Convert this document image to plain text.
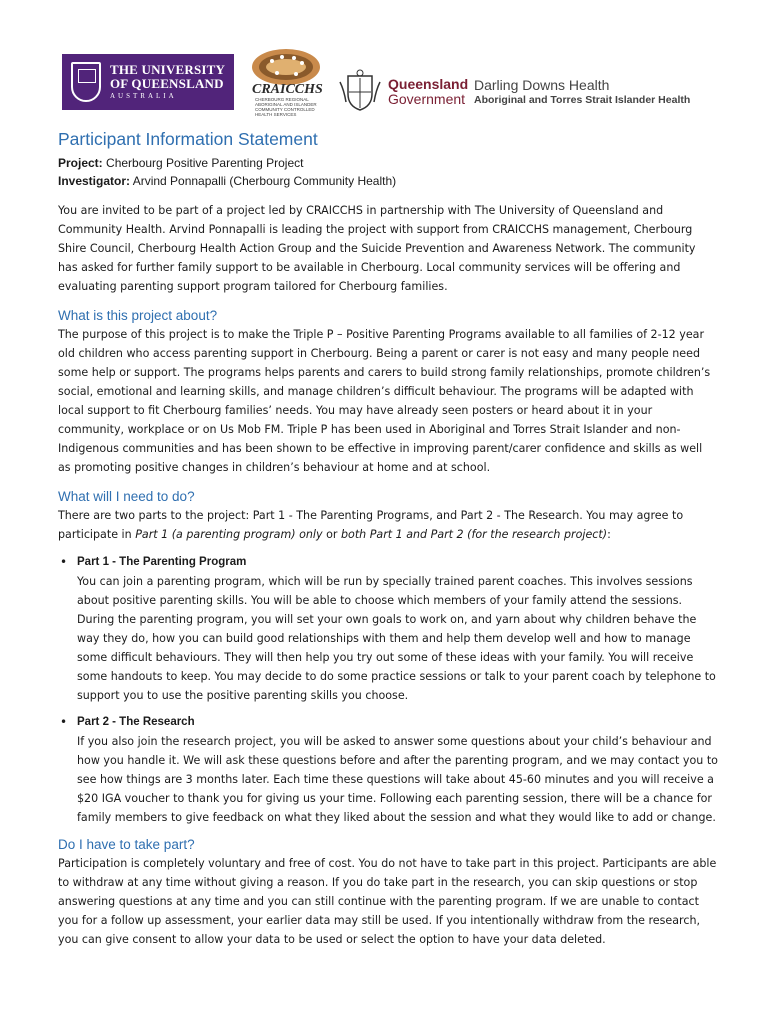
THE UNIVERSITY
OF QUEENSLAND
AUSTRALIA	CRAICCHS
CHERBOURG REGIONAL ABORIGINAL AND ISLANDER COMMUNITY CONTROLLED HEALTH SERVICES
Queensland
Government
Darling Downs Health
Aboriginal and Torres Strait Islander Health
Participant Information Statement

Project: Cherbourg Positive Parenting Project

Investigator: Arvind Ponnapalli (Cherbourg Community Health)

You are invited to be part of a project led by CRAICCHS in partnership with The University of Queensland and Community Health. Arvind Ponnapalli is leading the project with support from CRAICCHS management, Cherbourg Shire Council, Cherbourg Health Action Group and the Suicide Prevention and Awareness Network. The community has asked for further family support to be available in Cherbourg. Local community services will be offering and evaluating parenting support program tailored for Cherbourg families.

What is this project about?

The purpose of this project is to make the Triple P – Positive Parenting Programs available to all families of 2-12 year old children who access parenting support in Cherbourg. Being a parent or carer is not easy and many people need some help or support. The programs helps parents and carers to build strong family relationships, promote children’s social, emotional and learning skills, and manage children’s difficult behaviour. The programs will be adapted with local support to fit Cherbourg families’ needs. You may have already seen posters or heard about it in your community, workplace or on Us Mob FM. Triple P has been used in Aboriginal and Torres Strait Islander and non-Indigenous communities and has been shown to be effective in improving parent/carer confidence and skills as well as promoting positive changes in children’s behaviour at home and at school.

What will I need to do?

There are two parts to the project: Part 1 - The Parenting Programs, and Part 2 - The Research. You may agree to participate in Part 1 (a parenting program) only or both Part 1 and Part 2 (for the research project):

• Part 1 - The Parenting Program
You can join a parenting program, which will be run by specially trained parent coaches. This involves sessions about positive parenting skills. You will be able to choose which members of your family attend the sessions. During the parenting program, you will set your own goals to work on, and yarn about why children behave the way they do, how you can build good relationships with them and help them develop well and how to manage some difficult behaviours. They will then help you try out some of these ideas with your family. You will receive some handouts to keep. You may decide to do some practice sessions or talk to your parent coach by telephone to support you to use the positive parenting skills you choose.
• Part 2 - The Research
If you also join the research project, you will be asked to answer some questions about your child’s behaviour and how you handle it. We will ask these questions before and after the parenting program, and we may contact you to see how things are 3 months later. Each time these questions will take about 45-60 minutes and you will receive a $20 IGA voucher to thank you for giving us your time. Following each parenting session, there will be a chance for family members to give feedback on what they liked about the session and what they would like to add or change.
Do I have to take part?

Participation is completely voluntary and free of cost. You do not have to take part in this project. Participants are able to withdraw at any time without giving a reason. If you do take part in the research, you can skip questions or stop answering questions at any time and you can still continue with the parenting program. If we are unable to contact you for a follow up assessment, your earlier data may still be used. If you intentionally withdraw from the research, you can give consent to allow your data to be used or select the option to have your data deleted.
